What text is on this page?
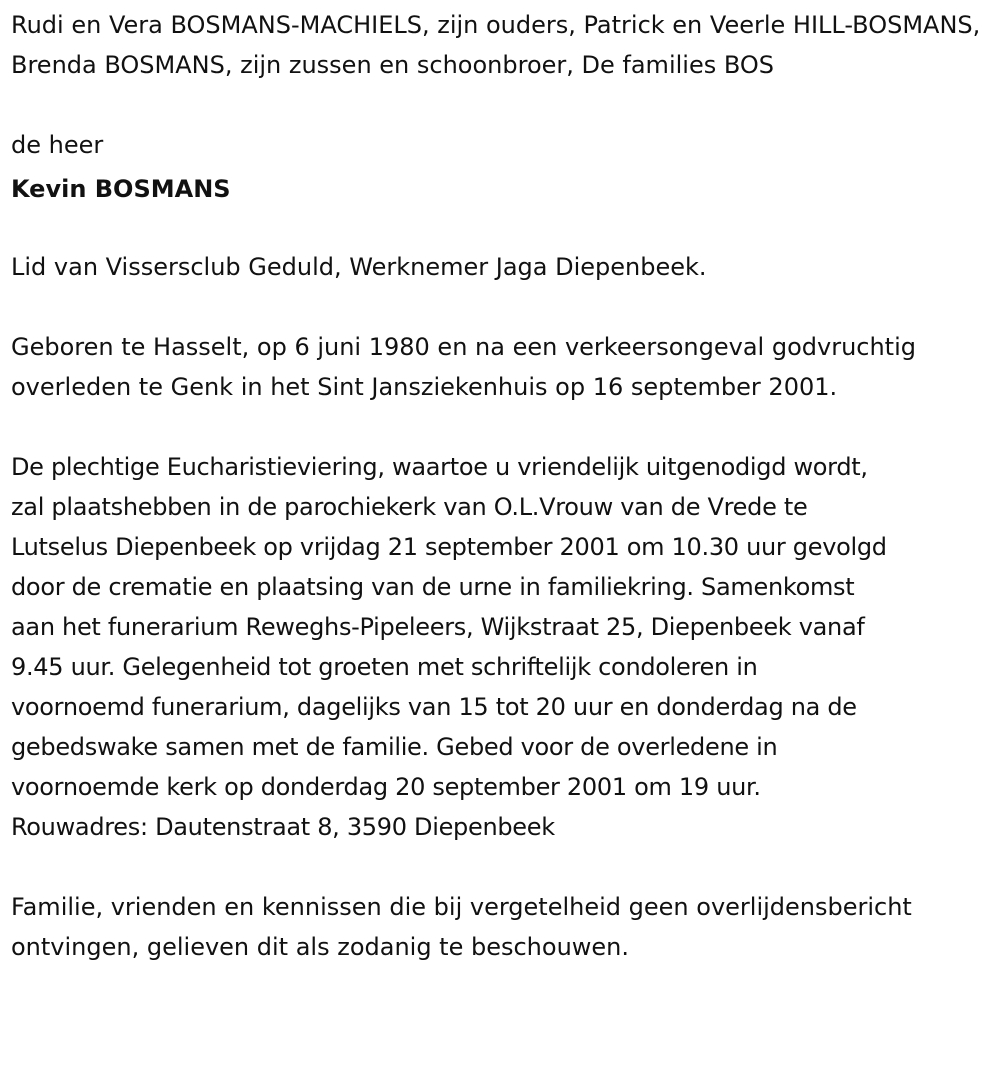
Rudi en Vera BOSMANS-MACHIELS, zijn ouders, Patrick en Veerle HILL-BOSMANS, Brenda BOSMANS, zijn zussen en schoonbroer, De families BOS

de heer

Kevin BOSMANS

Lid van Vissersclub Geduld, Werknemer Jaga Diepenbeek.

Geboren te Hasselt, op 6 juni 1980 en na een verkeersongeval godvruchtig overleden te Genk in het Sint Jansziekenhuis op 16 september 2001.

De plechtige Eucharistieviering, waartoe u vriendelijk uitgenodigd wordt,

zal plaatshebben in de parochiekerk van O.L.Vrouw van de Vrede te

Lutselus Diepenbeek op vrijdag 21 september 2001 om 10.30 uur gevolgd

door de crematie en plaatsing van de urne in familiekring. Samenkomst

aan het funerarium Reweghs-Pipeleers, Wijkstraat 25, Diepenbeek vanaf

9.45 uur. Gelegenheid tot groeten met schriftelijk condoleren in

voornoemd funerarium, dagelijks van 15 tot 20 uur en donderdag na de

gebedswake samen met de familie. Gebed voor de overledene in

voornoemde kerk op donderdag 20 september 2001 om 19 uur.

Rouwadres: Dautenstraat 8, 3590 Diepenbeek

Familie, vrienden en kennissen die bij vergetelheid geen overlijdensbericht ontvingen, gelieven dit als zodanig te beschouwen.
